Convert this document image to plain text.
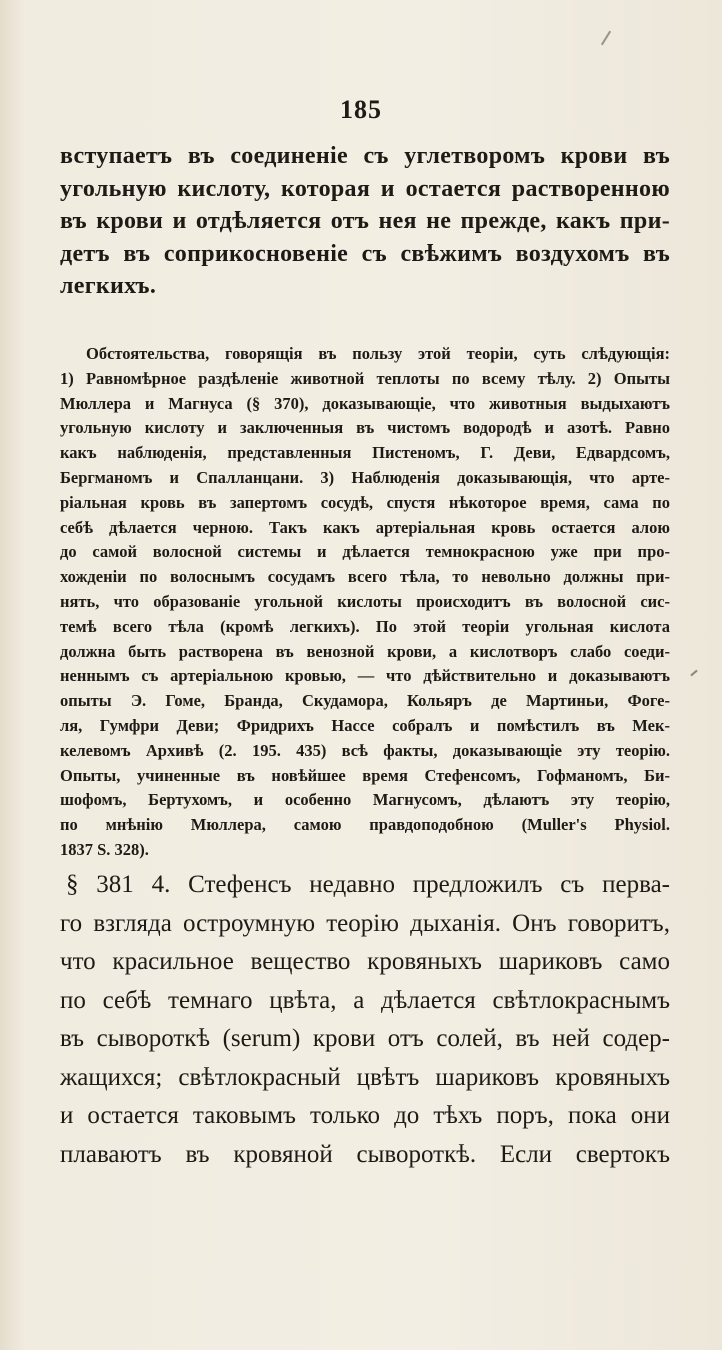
185
вступаетъ въ соединеніе съ углетворомъ крови въ
угольную кислоту, которая и остается растворенною
въ крови и отдѣляется отъ нея не прежде, какъ при-
детъ въ соприкосновеніе съ свѣжимъ воздухомъ въ
легкихъ.
Обстоятельства, говорящія въ пользу этой теоріи, суть слѣдующія:
1) Равномѣрное раздѣленіе животной теплоты по всему тѣлу. 2) Опыты
Мюллера и Магнуса (§ 370), доказывающіе, что животныя выдыхаютъ
угольную кислоту и заключенныя въ чистомъ водородѣ и азотѣ. Равно
какъ наблюденія, представленныя Пистеномъ, Г. Деви, Едвардсомъ,
Бергманомъ и Спалланцани. 3) Наблюденія доказывающія, что арте-
ріальная кровь въ запертомъ сосудѣ, спустя нѣкоторое время, сама по
себѣ дѣлается черною. Такъ какъ артеріальная кровь остается алою
до самой волосной системы и дѣлается темнокрасною уже при про-
хожденіи по волоснымъ сосудамъ всего тѣла, то невольно должны при-
нять, что образованіе угольной кислоты происходитъ въ волосной сис-
темѣ всего тѣла (кромѣ легкихъ). По этой теоріи угольная кислота
должна быть растворена въ венозной крови, а кислотворъ слабо соеди-
неннымъ съ артеріальною кровью, — что дѣйствительно и доказываютъ
опыты Э. Гоме, Бранда, Скудамора, Кольяръ де Мартиньи, Фоге-
ля, Гумфри Деви; Фридрихъ Нассе собралъ и помѣстилъ въ Мек-
келевомъ Архивѣ (2. 195. 435) всѣ факты, доказывающіе эту теорію.
Опыты, учиненные въ новѣйшее время Стефенсомъ, Гофманомъ, Би-
шофомъ, Бертухомъ, и особенно Магнусомъ, дѣлаютъ эту теорію,
по мнѣнію Мюллера, самою правдоподобною (Muller's Physiol.
1837 S. 328).
§ 381 4. Стефенсъ недавно предложилъ съ перва-
го взгляда остроумную теорію дыханія. Онъ говоритъ,
что красильное вещество кровяныхъ шариковъ само
по себѣ темнаго цвѣта, а дѣлается свѣтлокраснымъ
въ сывороткѣ (serum) крови отъ солей, въ ней содер-
жащихся; свѣтлокрасный цвѣтъ шариковъ кровяныхъ
и остается таковымъ только до тѣхъ поръ, пока они
плаваютъ въ кровяной сывороткѣ. Если свертокъ
